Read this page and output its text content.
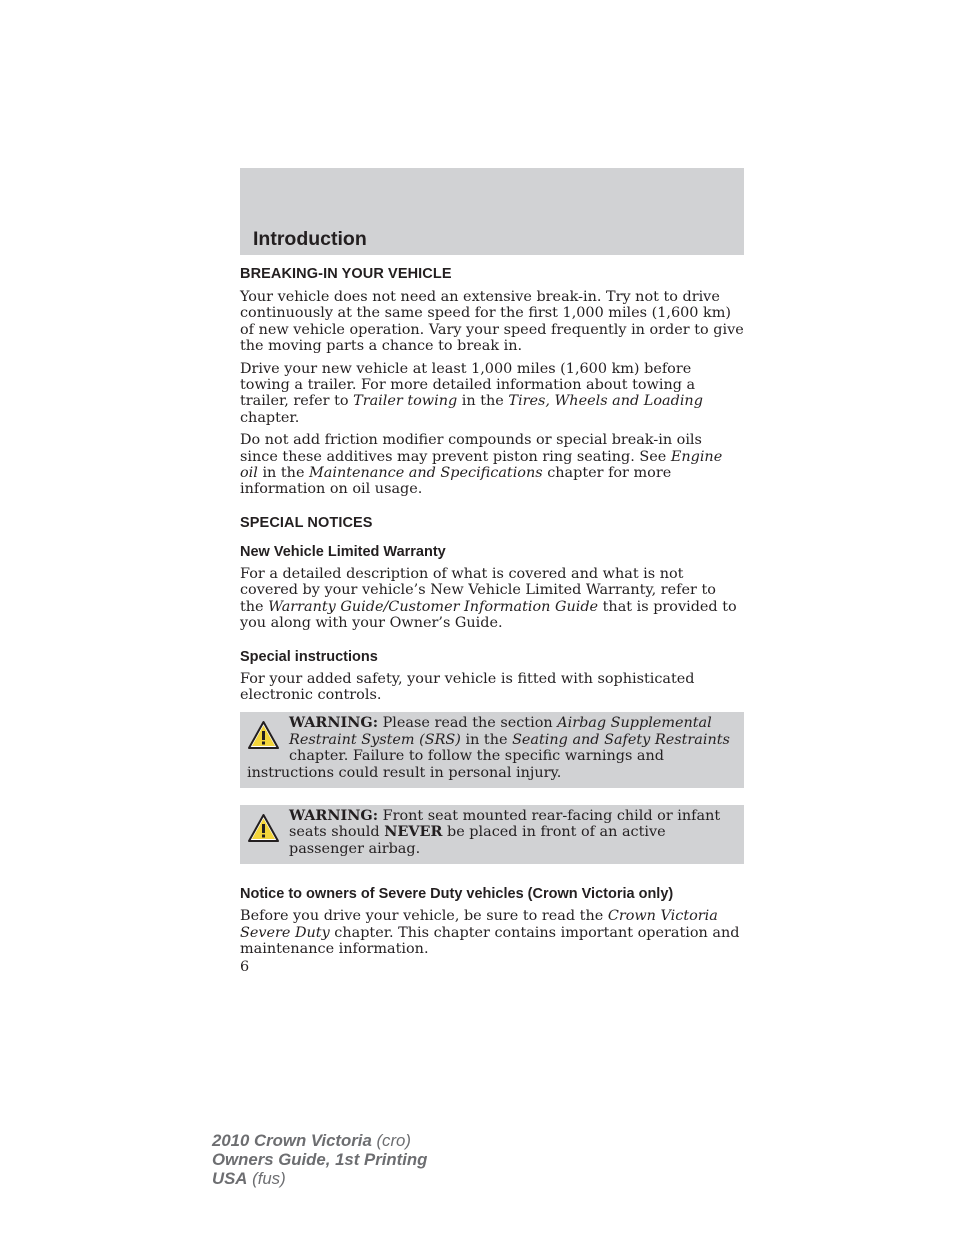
Introduction
BREAKING-IN YOUR VEHICLE

Your vehicle does not need an extensive break-in. Try not to drive continuously at the same speed for the first 1,000 miles (1,600 km) of new vehicle operation. Vary your speed frequently in order to give the moving parts a chance to break in.

Drive your new vehicle at least 1,000 miles (1,600 km) before towing a trailer. For more detailed information about towing a trailer, refer to Trailer towing in the Tires, Wheels and Loading chapter.

Do not add friction modifier compounds or special break-in oils since these additives may prevent piston ring seating. See Engine oil in the Maintenance and Specifications chapter for more information on oil usage.

SPECIAL NOTICES
New Vehicle Limited Warranty

For a detailed description of what is covered and what is not covered by your vehicle’s New Vehicle Limited Warranty, refer to the Warranty Guide/Customer Information Guide that is provided to you along with your Owner’s Guide.

Special instructions

For your added safety, your vehicle is fitted with sophisticated electronic controls.

WARNING: Please read the section Airbag Supplemental Restraint System (SRS) in the Seating and Safety Restraints chapter. Failure to follow the specific warnings and instructions could result in personal injury.
WARNING: Front seat mounted rear-facing child or infant seats should NEVER be placed in front of an active passenger airbag.
Notice to owners of Severe Duty vehicles (Crown Victoria only)

Before you drive your vehicle, be sure to read the Crown Victoria Severe Duty chapter. This chapter contains important operation and maintenance information.

6
2010 Crown Victoria (cro)
Owners Guide, 1st Printing
USA (fus)
